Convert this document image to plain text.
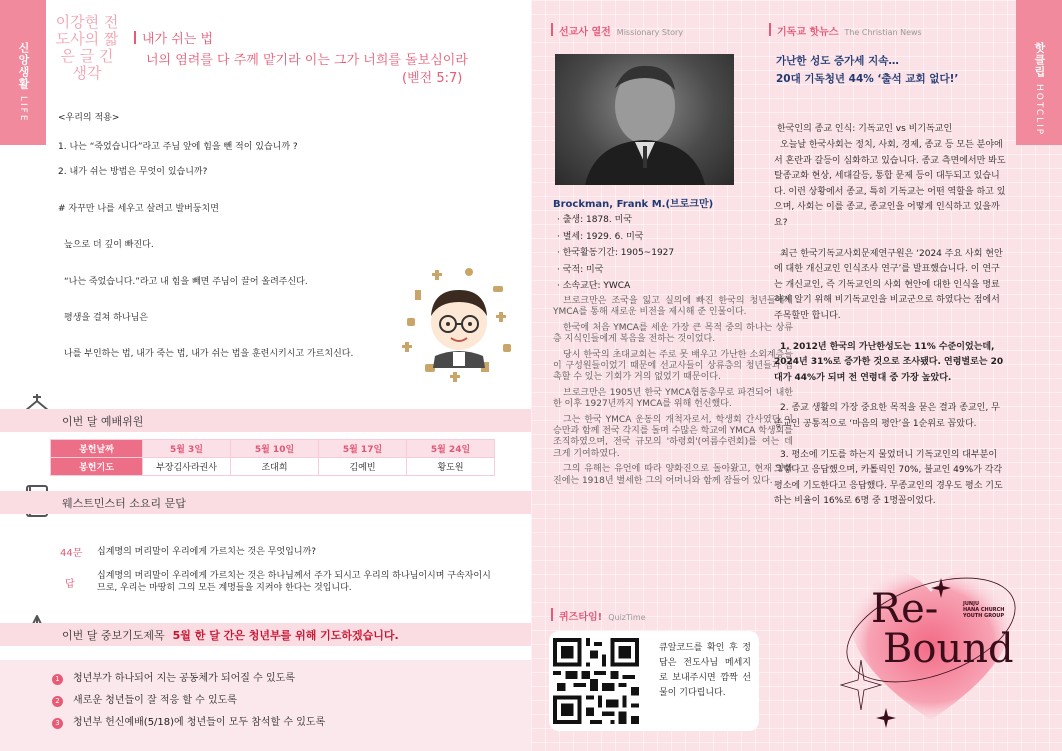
신앙생활LIFE
이강현 전도사의 짧은 글 긴 생각
내가 쉬는 법
너의 염려를 다 주께 맡기라 이는 그가 너희를 돌보심이라
(벧전 5:7)
<우리의 적용>
1. 나는 “죽었습니다”라고 주님 앞에 힘을 뺀 적이 있습니까 ?
2. 내가 쉬는 방법은 무엇이 있습니까?
# 자꾸만 나를 세우고 살려고 발버둥치면
늪으로 더 깊이 빠진다.
“나는 죽었습니다.”라고 내 힘을 빼면 주님이 끌어 올려주신다.
평생을 걸쳐 하나님은
나를 부인하는 법, 내가 죽는 법, 내가 쉬는 법을 훈련시키시고 가르치신다.
이번 달 예배위원
봉헌날짜	5월 3일	5월 10일	5월 17일	5월 24일
봉헌기도	부장김사라권사	조대희	김예빈	황도원
웨스트민스터 소요리 문답
44문 십계명의 머리말이 우리에게 가르치는 것은 무엇입니까?
답
십계명의 머리말이 우리에게 가르치는 것은 하나님께서 주가 되시고 우리의 하나님이시며 구속자이시므로, 우리는 마땅히 그의 모든 계명들을 지켜야 한다는 것입니다.
이번 달 중보기도제목 5월 한 달 간은 청년부를 위해 기도하겠습니다.
1 청년부가 하나되어 지는 공동체가 되어질 수 있도록
2 새로운 청년들이 잘 적응 할 수 있도록
3 청년부 헌신예배(5/18)에 청년들이 모두 참석할 수 있도록
선교사 열전 Missionary Story
Brockman, Frank M.(브로크만)
· 출생: 1878. 미국
· 별세: 1929. 6. 미국
· 한국활동기간: 1905~1927
· 국적: 미국
· 소속교단: YWCA

브로크만은 조국을 잃고 실의에 빠진 한국의 청년들에게 YMCA를 통해 새로운 비전을 제시해 준 인물이다.

한국에 처음 YMCA를 세운 가장 큰 목적 중의 하나는 상류층 지식인들에게 복음을 전하는 것이었다.

당시 한국의 초대교회는 주로 못 배우고 가난한 소외계층들이 구성원들이었기 때문에 선교사들이 상류층의 청년들과 접촉할 수 있는 기회가 거의 없었기 때문이다.

브로크만은 1905년 한국 YMCA협동총무로 파견되어 내한한 이후 1927년까지 YMCA를 위해 헌신했다.

그는 한국 YMCA 운동의 개척자로서, 학생회 간사였던 이승만과 함께 전국 각지를 돌며 수많은 학교에 YMCA 학생회를 조직하였으며, 전국 규모의 '하령회'(여름수련회)를 여는 데 크게 기여하였다.

그의 유해는 유언에 따라 양화진으로 돌아왔고, 현재 양화진에는 1918년 별세한 그의 어머니와 함께 잠들어 있다.

퀴즈타임! QuizTime
큐알코드를 확인 후 정답은 전도사님 메세지로 보내주시면 깜짝 선물이 기다립니다.
기독교 핫뉴스 The Christian News
가난한 성도 증가세 지속…
20대 기독청년 44% ‘출석 교회 없다!’
한국인의 종교 인식: 기독교인 vs 비기독교인

오늘날 한국사회는 정치, 사회, 경제, 종교 등 모든 분야에서 혼란과 갈등이 심화하고 있습니다. 종교 측면에서만 봐도 탈종교화 현상, 세대갈등, 통합 문제 등이 대두되고 있습니다. 이런 상황에서 종교, 특히 기독교는 어떤 역할을 하고 있으며, 사회는 이를 종교, 종교인을 어떻게 인식하고 있을까요?

최근 한국기독교사회문제연구원은 ‘2024 주요 사회 현안에 대한 개신교인 인식조사 연구’를 발표했습니다. 이 연구는 개신교인, 즉 기독교인의 사회 현안에 대한 인식을 명료하게 알기 위해 비기독교인을 비교군으로 하였다는 점에서 주목할만 합니다.

1. 2012년 한국의 가난한성도는 11% 수준이었는데, 2024년 31%로 증가한 것으로 조사됐다. 연령별로는 20대가 44%가 되며 전 연령대 중 가장 높았다.

2. 종교 생활의 가장 중요한 목적을 묻은 결과 종교인, 무종교인 공통적으로 ‘마음의 평안’을 1순위로 꼽았다.

3. 평소에 기도를 하는지 물었더니 기독교인의 대부분이 그렇다고 응답했으며, 카톨릭인 70%, 불교인 49%가 각각 평소에 기도한다고 응답했다. 무종교인의 경우도 평소 기도하는 비율이 16%로 6명 중 1명꼴이었다.

핫클립HOTCLIP
Re-
Bound
JUNJU
HANA CHURCH
YOUTH GROUP
